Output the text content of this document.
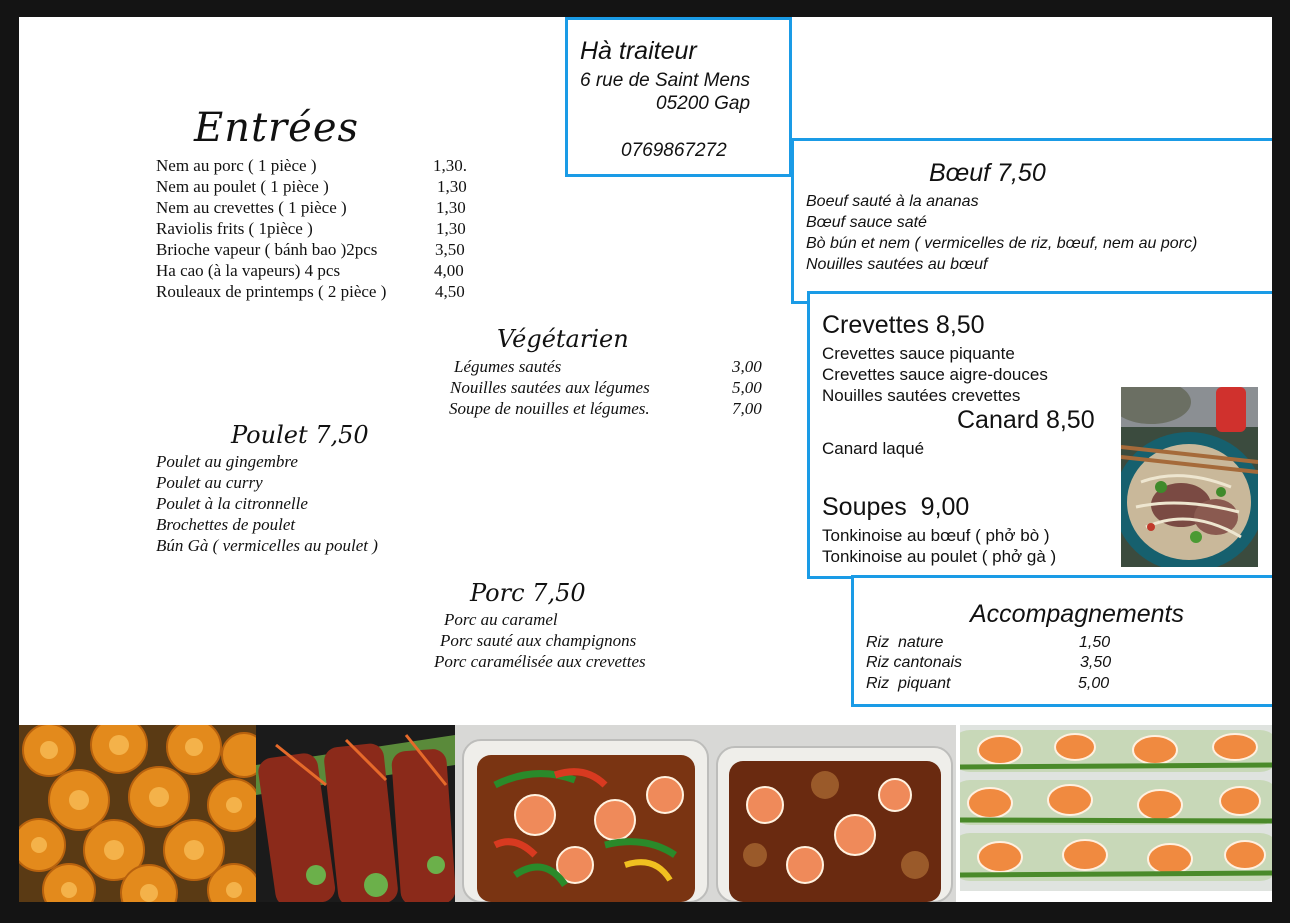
Hà traiteur
6 rue de Saint Mens
05200 Gap
0769867272
Entrées
Nem au porc ( 1 pièce )	1,30.
Nem au poulet ( 1 pièce )	1,30
Nem au crevettes ( 1 pièce )	1,30
Raviolis frits ( 1pièce )	1,30
Brioche vapeur ( bánh bao )2pcs	3,50
Ha cao (à la vapeurs) 4 pcs	4,00
Rouleaux de printemps ( 2 pièce )	4,50
Végétarien
Légumes sautés	3,00
Nouilles sautées aux légumes	5,00
Soupe de nouilles et légumes.	7,00
Poulet 7,50
Poulet au gingembre
Poulet au curry
Poulet à la citronnelle
Brochettes de poulet
Bún Gà ( vermicelles au poulet )
Porc 7,50
Porc au caramel
Porc sauté aux champignons
Porc caramélisée aux crevettes
Bœuf 7,50
Boeuf sauté à la ananas
Bœuf sauce saté
Bò bún et nem ( vermicelles de riz, bœuf, nem au porc)
Nouilles sautées au bœuf
Crevettes 8,50
Crevettes sauce piquante
Crevettes sauce aigre-douces
Nouilles sautées crevettes
Canard 8,50
Canard laqué
Soupes  9,00
Tonkinoise au bœuf ( phở bò )
Tonkinoise au poulet ( phở gà )
Accompagnements
Riz  nature	1,50
Riz cantonais	3,50
Riz  piquant	5,00
